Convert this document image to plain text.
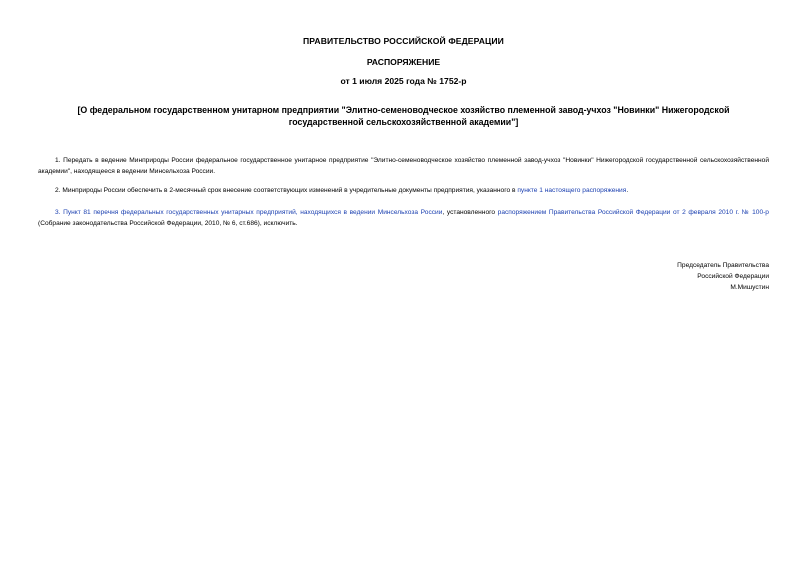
ПРАВИТЕЛЬСТВО РОССИЙСКОЙ ФЕДЕРАЦИИ
РАСПОРЯЖЕНИЕ
от 1 июля 2025 года № 1752-р
[О федеральном государственном унитарном предприятии "Элитно-семеноводческое хозяйство племенной завод-учхоз "Новинки" Нижегородской государственной сельскохозяйственной академии"]
1. Передать в ведение Минприроды России федеральное государственное унитарное предприятие "Элитно-семеноводческое хозяйство племенной завод-учхоз "Новинки" Нижегородской государственной сельскохозяйственной академии", находящееся в ведении Минсельхоза России.
2. Минприроды России обеспечить в 2-месячный срок внесение соответствующих изменений в учредительные документы предприятия, указанного в пункте 1 настоящего распоряжения.
3. Пункт 81 перечня федеральных государственных унитарных предприятий, находящихся в ведении Минсельхоза России, установленного распоряжением Правительства Российской Федерации от 2 февраля 2010 г. № 100-р (Собрание законодательства Российской Федерации, 2010, № 6, ст.686), исключить.
Председатель Правительства
Российской Федерации
М.Мишустин
